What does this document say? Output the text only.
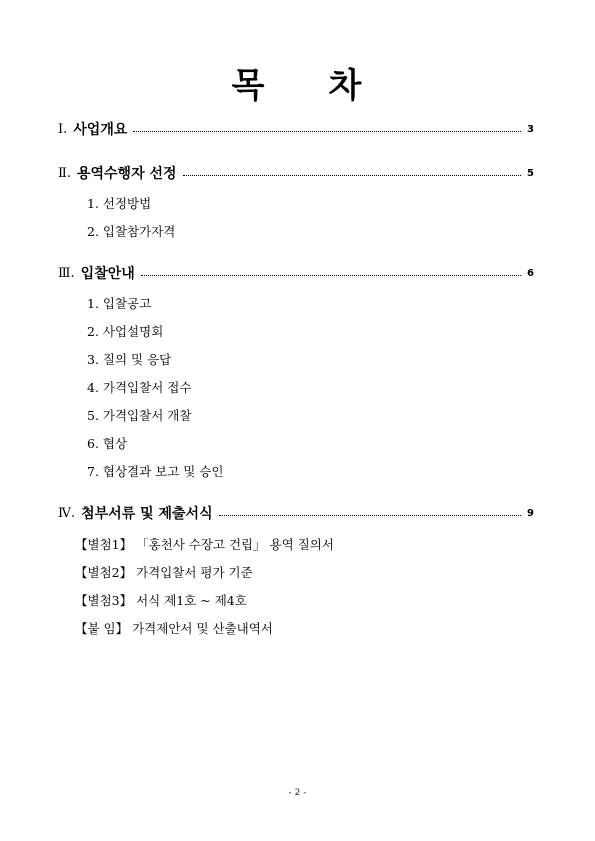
목 차
Ⅰ. 사업개요	3
Ⅱ. 용역수행자 선정	5
1. 선정방법
2. 입찰참가자격
Ⅲ. 입찰안내	6
1. 입찰공고
2. 사업설명회
3. 질의 및 응답
4. 가격입찰서 접수
5. 가격입찰서 개찰
6. 협상
7. 협상결과 보고 및 승인
Ⅳ. 첨부서류 및 제출서식	9
【별첨1】 「홍천사 수장고 건립」 용역 질의서
【별첨2】 가격입찰서 평가 기준
【별첨3】 서식 제1호 ~ 제4호
【붙 임】 가격제안서 및 산출내역서
- 2 -
